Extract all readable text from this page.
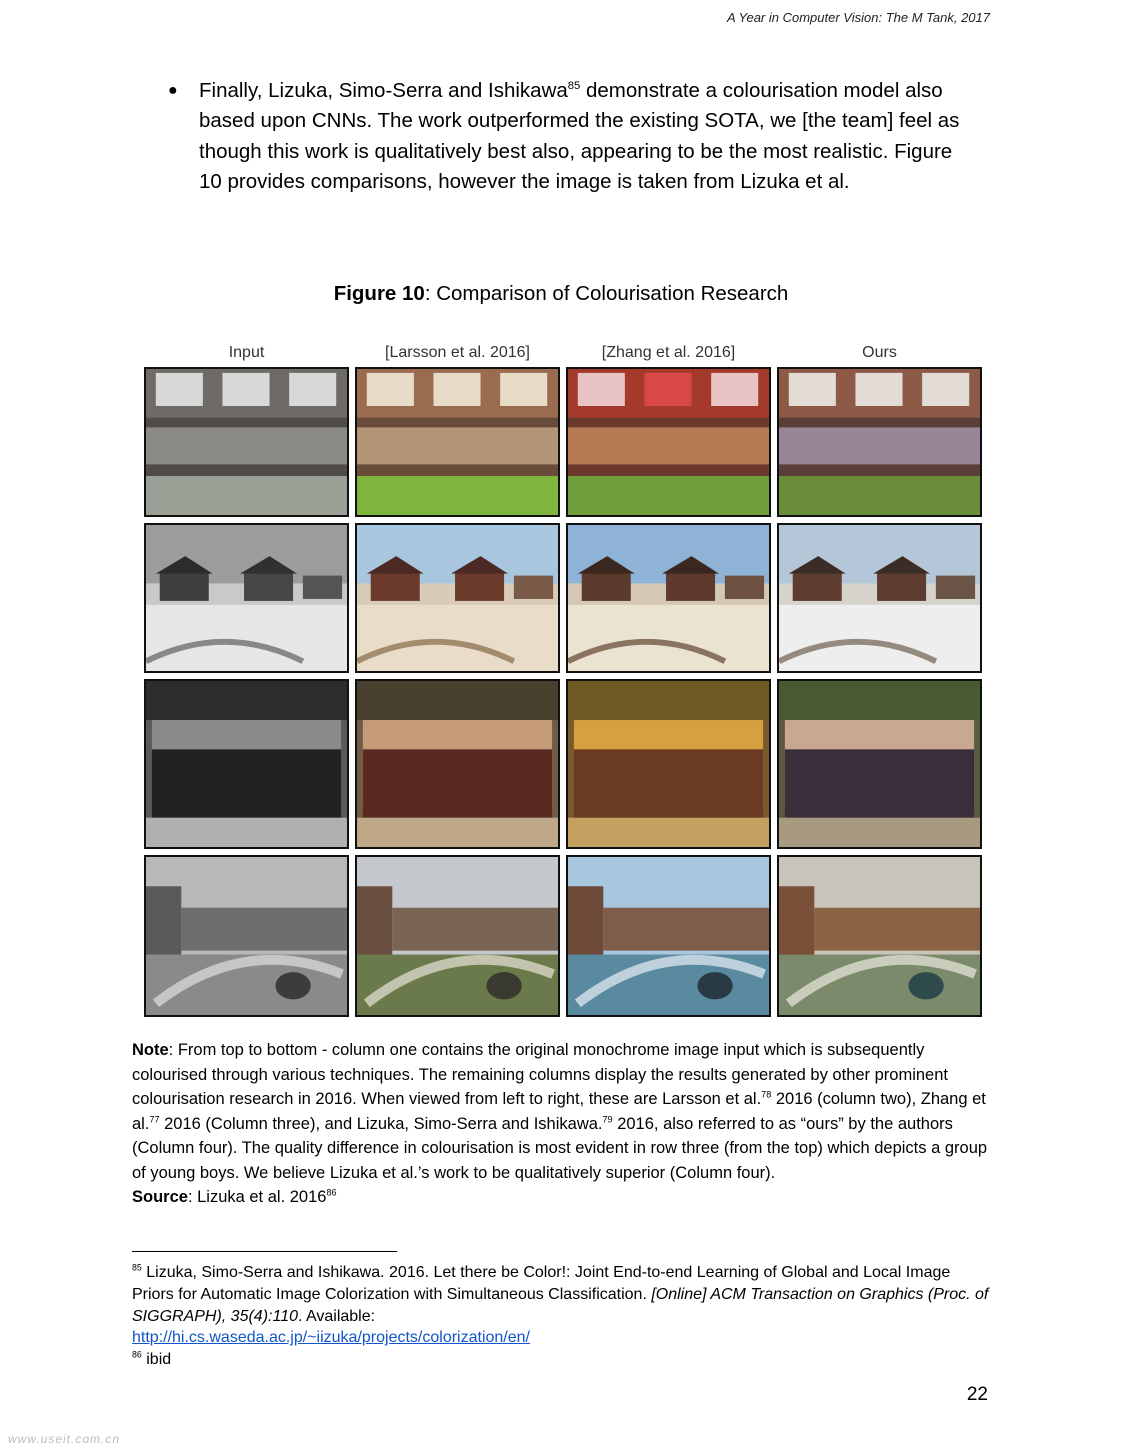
A Year in Computer Vision: The M Tank, 2017
● Finally, Lizuka, Simo-Serra and Ishikawa$^{85}$ demonstrate a colourisation model also based upon CNNs. The work outperformed the existing SOTA, we [the team] feel as though this work is qualitatively best also, appearing to be the most realistic. Figure 10 provides comparisons, however the image is taken from Lizuka et al.
Figure 10: Comparison of Colourisation Research
Input	[Larsson et al. 2016]	[Zhang et al. 2016]	Ours
Note: From top to bottom - column one contains the original monochrome image input which is subsequently colourised through various techniques. The remaining columns display the results generated by other prominent colourisation research in 2016. When viewed from left to right, these are Larsson et al.$^{78}$ 2016 (column two), Zhang et al.$^{77}$ 2016 (Column three), and Lizuka, Simo-Serra and Ishikawa.$^{79}$ 2016, also referred to as “ours” by the authors (Column four). The quality difference in colourisation is most evident in row three (from the top) which depicts a group of young boys. We believe Lizuka et al.’s work to be qualitatively superior (Column four).
Source: Lizuka et al. 2016$^{86}$
$^{85}$ Lizuka, Simo-Serra and Ishikawa. 2016. Let there be Color!: Joint End-to-end Learning of Global and Local Image Priors for Automatic Image Colorization with Simultaneous Classification. [Online] ACM Transaction on Graphics (Proc. of SIGGRAPH), 35(4):110. Available:
http://hi.cs.waseda.ac.jp/~iizuka/projects/colorization/en/
$^{86}$ ibid
22
www.useit.com.cn
